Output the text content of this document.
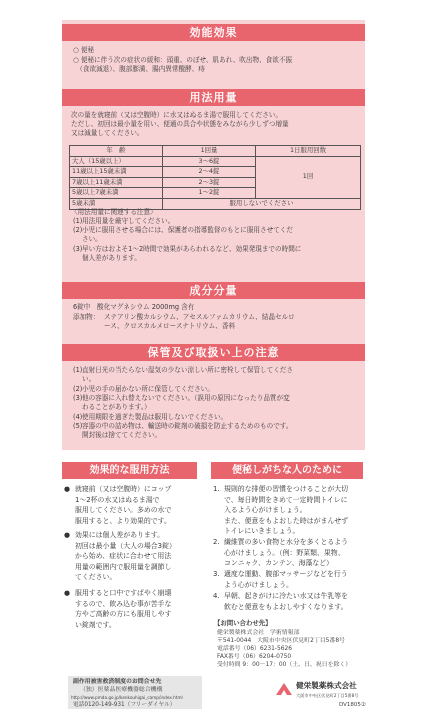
効能効果
○ 便秘
○ 便秘に伴う次の症状の緩和：頭重、のぼせ、肌あれ、吹出物、食欲不振
　（食欲減退）、腹部膨満、腸内異常醗酵、痔
用法用量
次の量を就寝前（又は空腹時）に水又はぬるま湯で服用してください。
ただし、初回は最小量を用い、便通の具合や状態をみながら少しずつ増量
又は減量してください。
年　齢	1回量	1日服用回数
大人（15歳以上）	3～6錠	1回
11歳以上15歳未満	2～4錠	
7歳以上11歳未満	2～3錠	
5歳以上7歳未満	1～2錠	
5歳未満	服用しないでください	
〈用法用量に関連する注意〉
(1) 用法用量を厳守してください。
(2) 小児に服用させる場合には、保護者の指導監督のもとに服用させてくだ
さい。
(3) 早い方はおよそ1～2時間で効果があらわれるなど、効果発現までの時間に
個人差があります。
成分分量
6錠中　酸化マグネシウム 2000mg 含有
添加物： ステアリン酸カルシウム、アセスルファムカリウム、結晶セルロ
ース、クロスカルメロースナトリウム、香料
保管及び取扱い上の注意
(1) 直射日光の当たらない湿気の少ない涼しい所に密栓して保管してくださ
い。
(2) 小児の手の届かない所に保管してください。
(3) 他の容器に入れ替えないでください。（誤用の原因になったり品質が変
わることがあります。）
(4) 使用期限を過ぎた製品は服用しないでください。
(5) 容器の中の詰め物は、輸送時の錠剤の破損を防止するためのものです。
開封後は捨ててください。
効果的な服用方法	便秘しがちな人のために
● 就寝前（又は空腹時）にコップ
1～2杯の水又はぬるま湯で
服用してください。多めの水で
服用すると、より効果的です。
● 効果には個人差があります。
初回は最小量（大人の場合3錠）
から始め、症状に合わせて用法
用量の範囲内で服用量を調節し
てください。
● 服用すると口中ですばやく崩壊
するので、飲み込む事が苦手な
方やご高齢の方にも服用しやす
い錠剤です。
1. 規則的な排便の習慣をつけることが大切
で、毎日時間をきめて一定時間トイレに
入るよう心がけましょう。
また、便意をもよおした時はがまんせず
トイレにいきましょう。
2. 繊維質の多い食物と水分を多くとるよう
心がけましょう。（例：野菜類、果物、
コンニャク、カンテン、海藻など）
3. 適度な運動、腹部マッサージなどを行う
よう心がけましょう。
4. 早朝、起きがけに冷たい水又は牛乳等を
飲むと便意をもよおしやすくなります。
【お問い合わせ先】
健栄製薬株式会社　学術情報部
〒541-0044　大阪市中央区伏見町2丁目5番8号
電話番号（06）6231-5626
FAX番号（06）6204-0750
受付時間 9：00－17：00（土、日、祝日を除く）
副作用被害救済制度のお問合せ先
（独）医薬品医療機器総合機構
http://www.pmda.go.jp/kenkouhigai_camp/index.html
電話0120-149-931（フリーダイヤル）
健栄製薬株式会社
大阪市中央区伏見町2丁目5番8号
DV1805②
